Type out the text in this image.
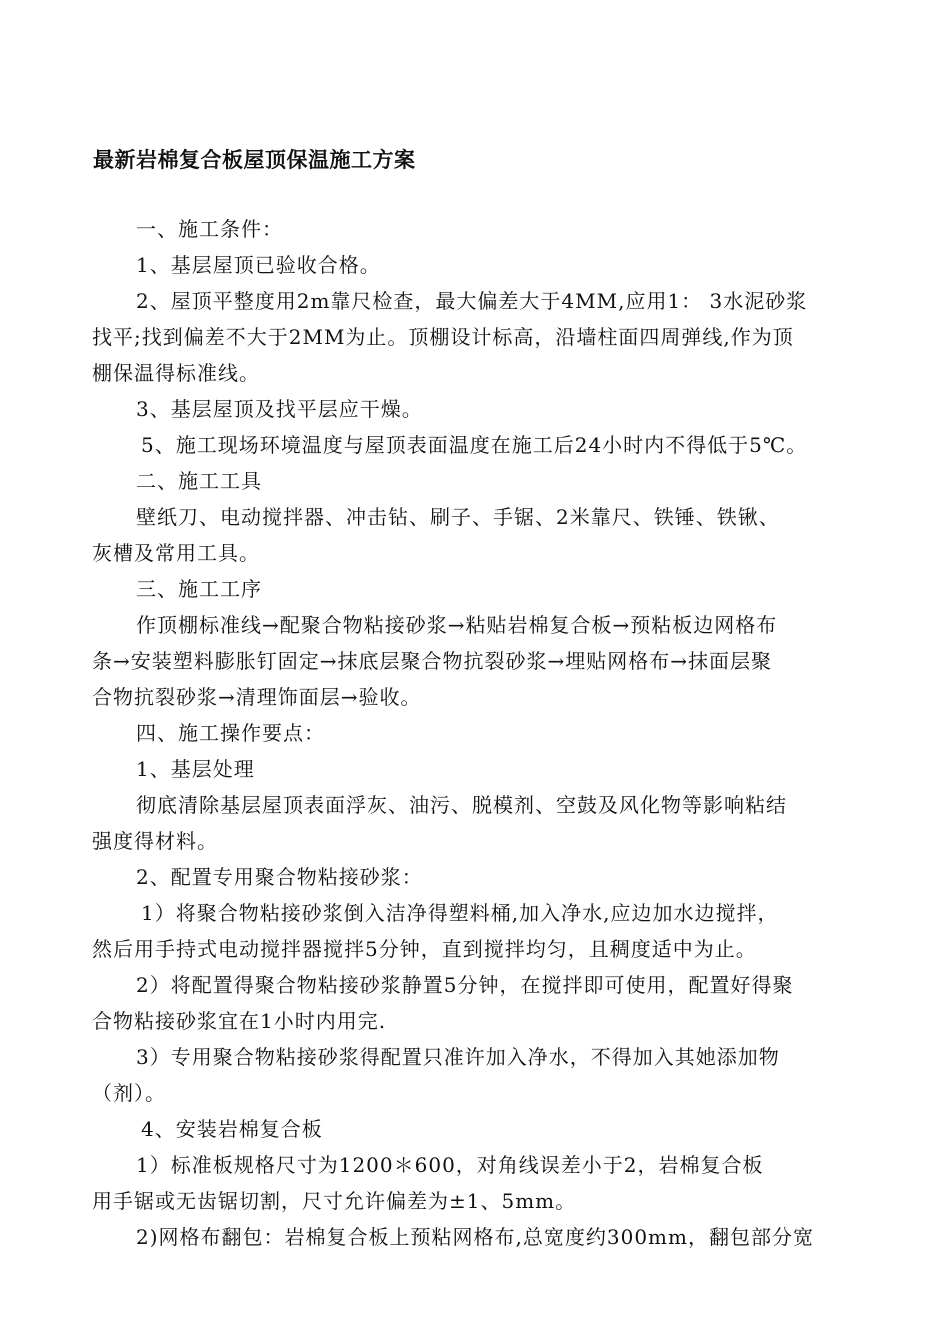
最新岩棉复合板屋顶保温施工方案
一、施工条件：
1、基层屋顶已验收合格。
2、屋顶平整度用2m靠尺检查，最大偏差大于4MM,应用1： 3水泥砂浆
找平;找到偏差不大于2MM为止。顶棚设计标高，沿墙柱面四周弹线,作为顶
棚保温得标准线。
3、基层屋顶及找平层应干燥。
5、施工现场环境温度与屋顶表面温度在施工后24小时内不得低于5℃。
二、施工工具
壁纸刀、电动搅拌器、冲击钻、刷子、手锯、2米靠尺、铁锤、铁锹、
灰槽及常用工具。
三、施工工序
作顶棚标准线→配聚合物粘接砂浆→粘贴岩棉复合板→预粘板边网格布
条→安装塑料膨胀钉固定→抹底层聚合物抗裂砂浆→埋贴网格布→抹面层聚
合物抗裂砂浆→清理饰面层→验收。
四、施工操作要点：
1、基层处理
彻底清除基层屋顶表面浮灰、油污、脱模剂、空鼓及风化物等影响粘结
强度得材料。
2、配置专用聚合物粘接砂浆：
1）将聚合物粘接砂浆倒入洁净得塑料桶,加入净水,应边加水边搅拌，
然后用手持式电动搅拌器搅拌5分钟，直到搅拌均匀，且稠度适中为止。
2）将配置得聚合物粘接砂浆静置5分钟，在搅拌即可使用，配置好得聚
合物粘接砂浆宜在1小时内用完.
3）专用聚合物粘接砂浆得配置只准许加入净水，不得加入其她添加物
（剂）。
4、安装岩棉复合板
1）标准板规格尺寸为1200＊600，对角线误差小于2，岩棉复合板
用手锯或无齿锯切割，尺寸允许偏差为±1、5mm。
2)网格布翻包：岩棉复合板上预粘网格布,总宽度约300mm，翻包部分宽
